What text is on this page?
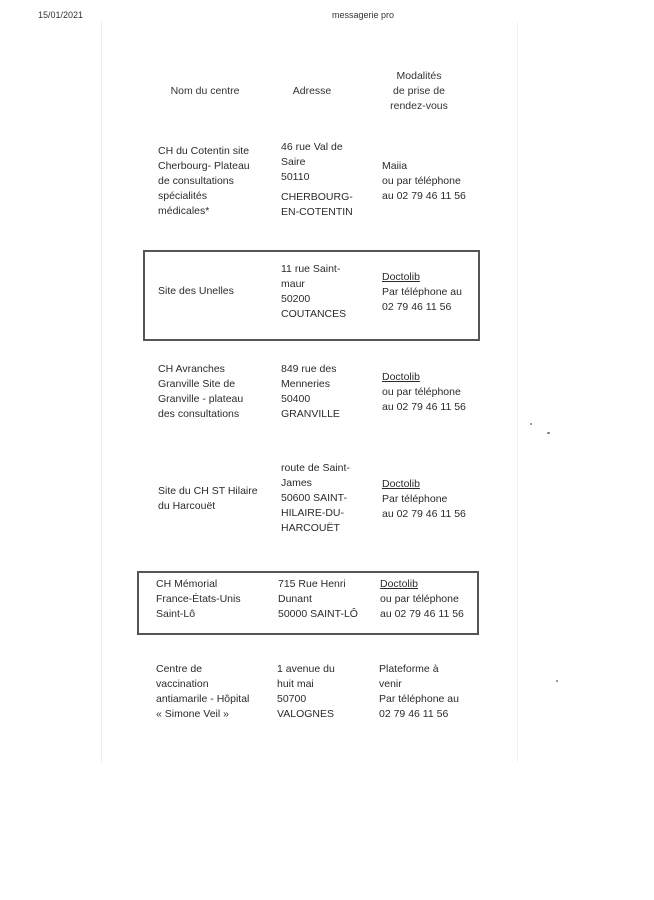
15/01/2021	messagerie pro
Nom du centre	Adresse
Modalités
de prise de
rendez-vous
CH du Cotentin site
Cherbourg- Plateau
de consultations
spécialités
médicales*
46 rue Val de
Saire
50110
CHERBOURG-
EN-COTENTIN
Maiia
ou par téléphone
au 02 79 46 11 56
Site des Unelles
11 rue Saint-
maur
50200
COUTANCES
Doctolib
Par téléphone au
02 79 46 11 56
CH Avranches
Granville Site de
Granville - plateau
des consultations
849 rue des
Menneries
50400
GRANVILLE
Doctolib
ou par téléphone
au 02 79 46 11 56
Site du CH ST Hilaire
du Harcouët
route de Saint-
James
50600 SAINT-
HILAIRE-DU-
HARCOUËT
Doctolib
Par téléphone
au 02 79 46 11 56
CH Mémorial
France-États-Unis
Saint-Lô
715 Rue Henri
Dunant
50000 SAINT-LÔ
Doctolib
ou par téléphone
au 02 79 46 11 56
Centre de
vaccination
antiamarile - Hôpital
« Simone Veil »
1 avenue du
huit mai
50700
VALOGNES
Plateforme à
venir
Par téléphone au
02 79 46 11 56
